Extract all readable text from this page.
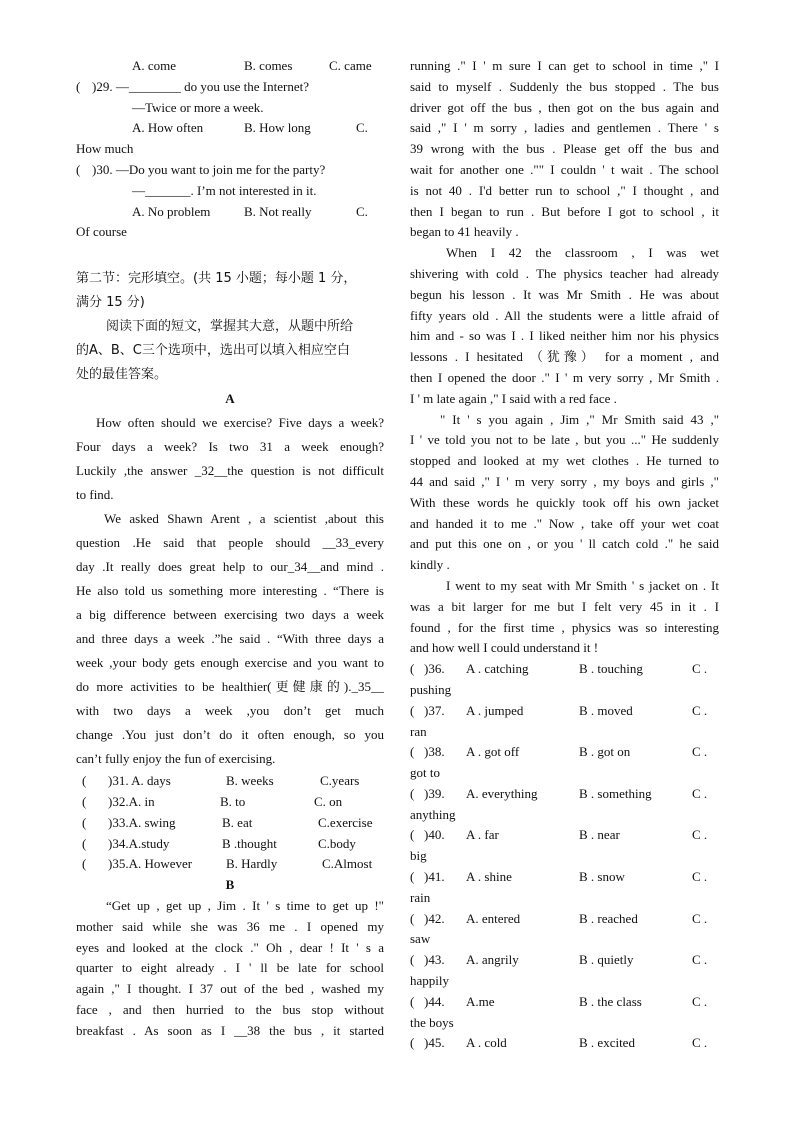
A. come	B. comes	C. came
( )29. —________ do you use the Internet?
—Twice or more a week.
A. How often	B. How long	C.
How much
( )30. —Do you want to join me for the party?
—_______. I’m not interested in it.
A. No problem	B. Not really	C.
Of course
第二节：完形填空。(共 15 小题；每小题 1 分，
满分 15 分)
阅读下面的短文，掌握其大意，从题中所给
的A、B、C三个选项中，选出可以填入相应空白
处的最佳答案。
A
How often should we exercise? Five days a week?
Four days a week? Is two 31 a week enough?
Luckily ,the answer _32__the question is not difficult
to find.
We asked Shawn Arent , a scientist ,about this
question .He said that people should __33_every
day .It really does great help to our_34__and mind .
He also told us something more interesting . “There is
a big difference between exercising two days a week
and three days a week .”he said . “With three days a
week ,your body gets enough exercise and you want to
do more activities to be healthier(更健康的)._35__
with two days a week ,you don’t get much
change .You just don’t do it often enough, so you
can’t fully enjoy the fun of exercising.
(	)31. A. days	B. weeks	C.years
(	)32.A. in	B. to	C. on
(	)33.A. swing	B. eat	C.exercise
(	)34.A.study	B .thought	C.body
(	)35.A. However	B. Hardly	C.Almost
B
“Get up , get up , Jim . It ' s time to get up !"
mother said while she was 36 me . I opened my
eyes and looked at the clock ." Oh , dear ! It ' s a
quarter to eight already . I ' ll be late for school
again ," I thought. I 37 out of the bed , washed my
face , and then hurried to the bus stop without
breakfast . As soon as I __38 the bus , it started
running ." I ' m sure I can get to school in time ," I
said to myself . Suddenly the bus stopped . The bus
driver got off the bus , then got on the bus again and
said ," I ' m sorry , ladies and gentlemen . There ' s
39 wrong with the bus . Please get off the bus and
wait for another one ."" I couldn ' t wait . The school
is not 40 . I'd better run to school ," I thought , and
then I began to run . But before I got to school , it
began to 41 heavily .
When I 42 the classroom , I was wet
shivering with cold . The physics teacher had already
begun his lesson . It was Mr Smith . He was about
fifty years old . All the students were a little afraid of
him and - so was I . I liked neither him nor his physics
lessons . I hesitated （犹豫） for a moment , and
then I opened the door ." I ' m very sorry , Mr Smith .
I ' m late again ," I said with a red face .
" It ' s you again , Jim ," Mr Smith said 43 ,"
I ' ve told you not to be late , but you ..." He suddenly
stopped and looked at my wet clothes . He turned to
44 and said ," I ' m very sorry , my boys and girls ,"
With these words he quickly took off his own jacket
and handed it to me ." Now , take off your wet coat
and put this one on , or you ' ll catch cold ." he said
kindly .
I went to my seat with Mr Smith ' s jacket on . It
was a bit larger for me but I felt very 45 in it . I
found , for the first time , physics was so interesting
and how well I could understand it !
( )36.	A . catching	B . touching	C .
pushing
( )37.	A . jumped	B . moved	C .
ran
( )38.	A . got off	B . got on	C .
got to
( )39.	A. everything	B . something	C .
anything
( )40.	A . far	B . near	C .
big
( )41.	A . shine	B . snow	C .
rain
( )42.	A. entered	B . reached	C .
saw
( )43.	A. angrily	B . quietly	C .
happily
( )44.	A.me	B . the class	C .
the boys
( )45.	A . cold	B . excited	C .
